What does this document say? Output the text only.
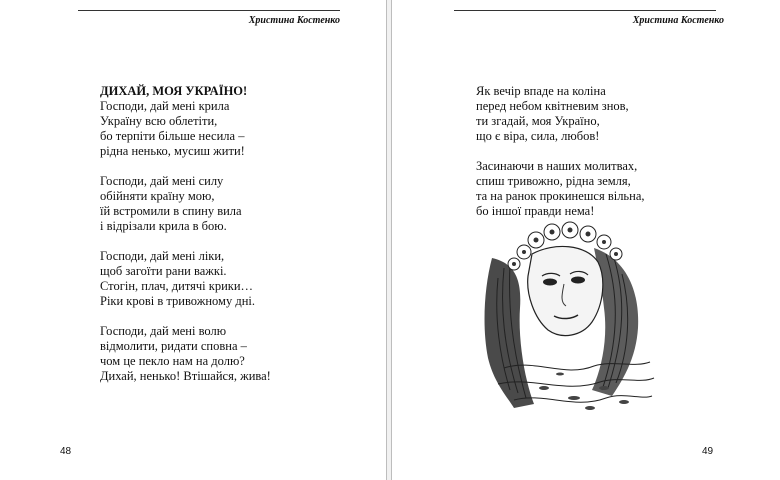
Христина Костенко
ДИХАЙ, МОЯ УКРАЇНО!
Господи, дай мені крила
Україну всю облетіти,
бо терпіти більше несила –
рідна ненько, мусиш жити!
Господи, дай мені силу
обійняти країну мою,
їй встромили в спину вила
і відрізали крила в бою.
Господи, дай мені ліки,
щоб загоїти рани важкі.
Стогін, плач, дитячі крики…
Ріки крові в тривожному дні.
Господи, дай мені волю
відмолити, ридати сповна –
чом це пекло нам на долю?
Дихай, ненько! Втішайся, жива!
48
Христина Костенко
Як вечір впаде на коліна
перед небом квітневим знов,
ти згадай, моя Україно,
що є віра, сила, любов!
Засинаючи в наших молитвах,
спиш тривожно, рідна земля,
та на ранок прокинешся вільна,
бо іншої правди нема!
49
